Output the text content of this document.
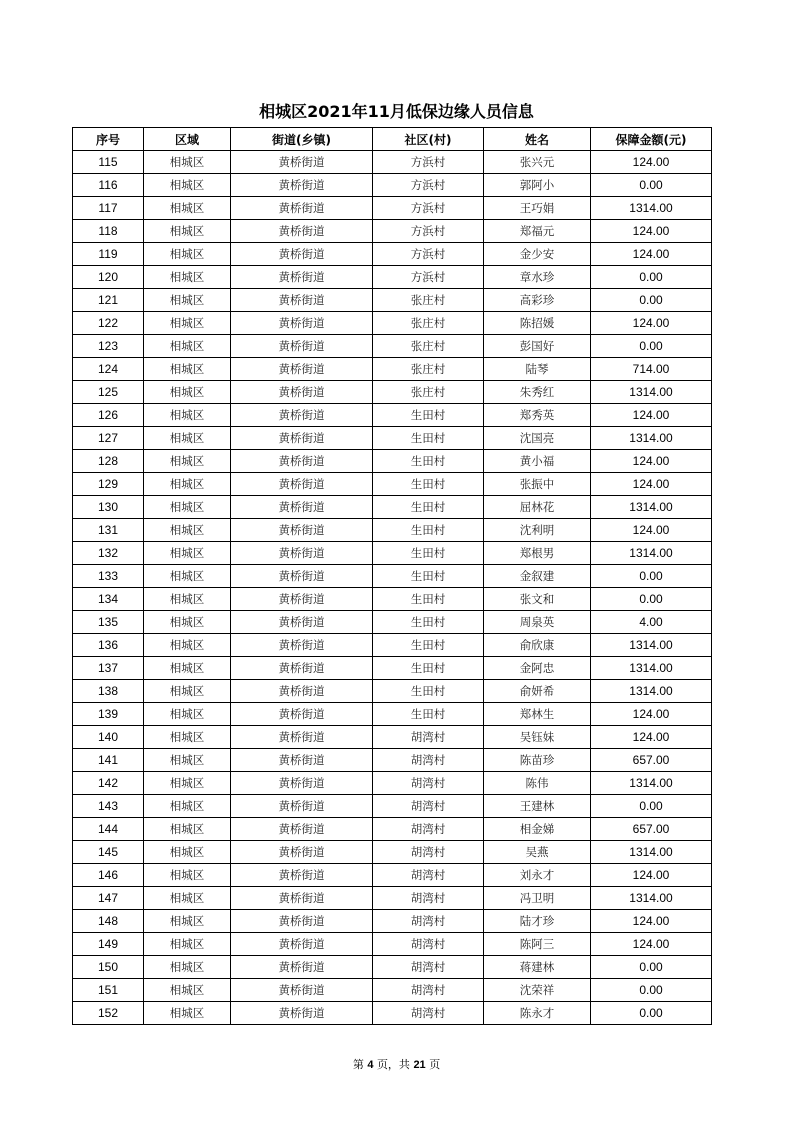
相城区2021年11月低保边缘人员信息
序号	区域	街道(乡镇)	社区(村)	姓名	保障金额(元)
115	相城区	黄桥街道	方浜村	张兴元	124.00
116	相城区	黄桥街道	方浜村	郭阿小	0.00
117	相城区	黄桥街道	方浜村	王巧娟	1314.00
118	相城区	黄桥街道	方浜村	郑福元	124.00
119	相城区	黄桥街道	方浜村	金少安	124.00
120	相城区	黄桥街道	方浜村	章水珍	0.00
121	相城区	黄桥街道	张庄村	高彩珍	0.00
122	相城区	黄桥街道	张庄村	陈招媛	124.00
123	相城区	黄桥街道	张庄村	彭国好	0.00
124	相城区	黄桥街道	张庄村	陆琴	714.00
125	相城区	黄桥街道	张庄村	朱秀红	1314.00
126	相城区	黄桥街道	生田村	郑秀英	124.00
127	相城区	黄桥街道	生田村	沈国亮	1314.00
128	相城区	黄桥街道	生田村	黄小福	124.00
129	相城区	黄桥街道	生田村	张振中	124.00
130	相城区	黄桥街道	生田村	屈林花	1314.00
131	相城区	黄桥街道	生田村	沈利明	124.00
132	相城区	黄桥街道	生田村	郑根男	1314.00
133	相城区	黄桥街道	生田村	金叙建	0.00
134	相城区	黄桥街道	生田村	张文和	0.00
135	相城区	黄桥街道	生田村	周泉英	4.00
136	相城区	黄桥街道	生田村	俞欣康	1314.00
137	相城区	黄桥街道	生田村	金阿忠	1314.00
138	相城区	黄桥街道	生田村	俞妍希	1314.00
139	相城区	黄桥街道	生田村	郑林生	124.00
140	相城区	黄桥街道	胡湾村	吴钰妹	124.00
141	相城区	黄桥街道	胡湾村	陈苗珍	657.00
142	相城区	黄桥街道	胡湾村	陈伟	1314.00
143	相城区	黄桥街道	胡湾村	王建林	0.00
144	相城区	黄桥街道	胡湾村	相金娣	657.00
145	相城区	黄桥街道	胡湾村	吴燕	1314.00
146	相城区	黄桥街道	胡湾村	刘永才	124.00
147	相城区	黄桥街道	胡湾村	冯卫明	1314.00
148	相城区	黄桥街道	胡湾村	陆才珍	124.00
149	相城区	黄桥街道	胡湾村	陈阿三	124.00
150	相城区	黄桥街道	胡湾村	蒋建林	0.00
151	相城区	黄桥街道	胡湾村	沈荣祥	0.00
152	相城区	黄桥街道	胡湾村	陈永才	0.00
第 4 页，共 21 页
